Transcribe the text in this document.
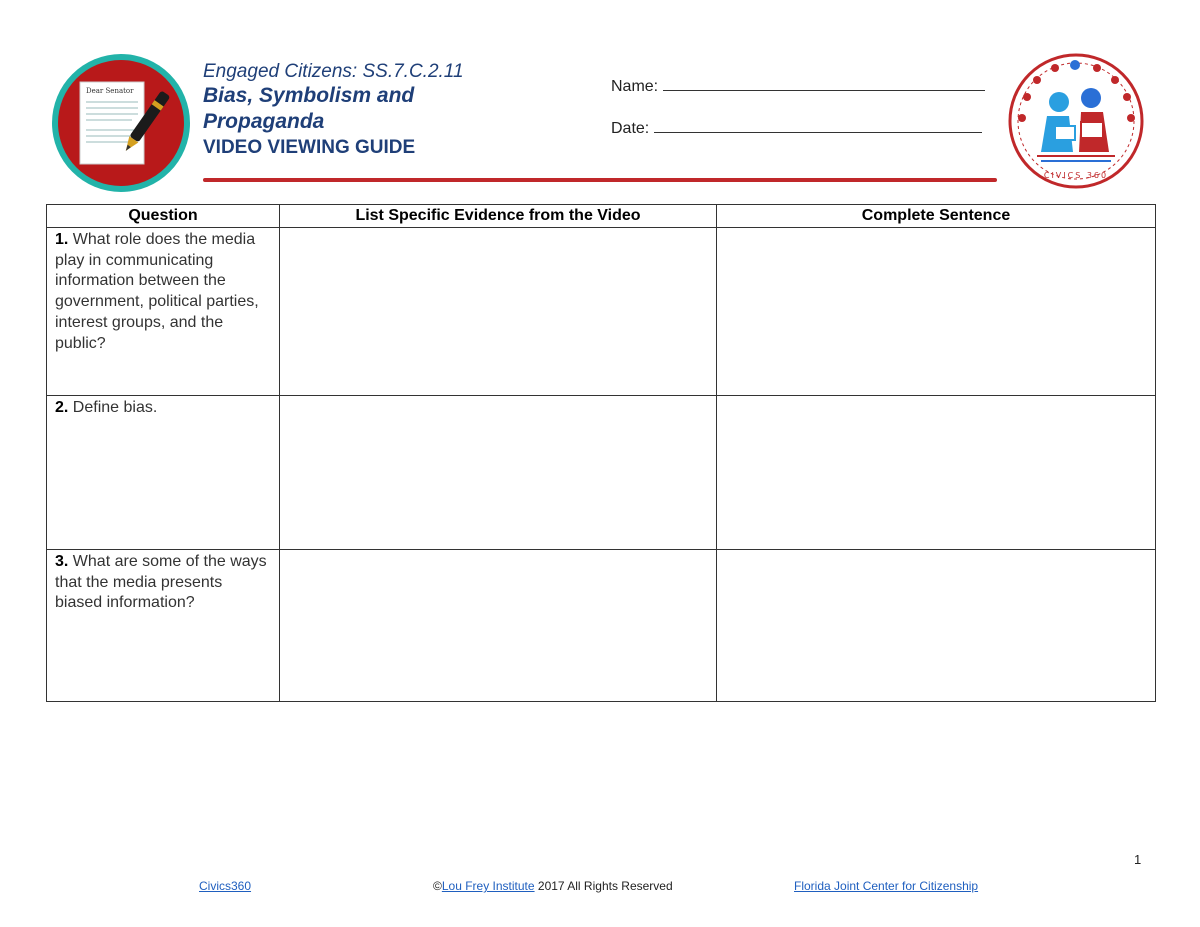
Dear Senator
Engaged Citizens: SS.7.C.2.11
Bias, Symbolism and Propaganda
VIDEO VIEWING GUIDE
Name:
Date:
CIVICS 360
Question	List Specific Evidence from the Video	Complete Sentence
1. What role does the media play in communicating information between the government, political parties, interest groups, and the public?		
2. Define bias.		
3. What are some of the ways that the media presents biased information?		
1
Civics360	©Lou Frey Institute 2017 All Rights Reserved	Florida Joint Center for Citizenship
